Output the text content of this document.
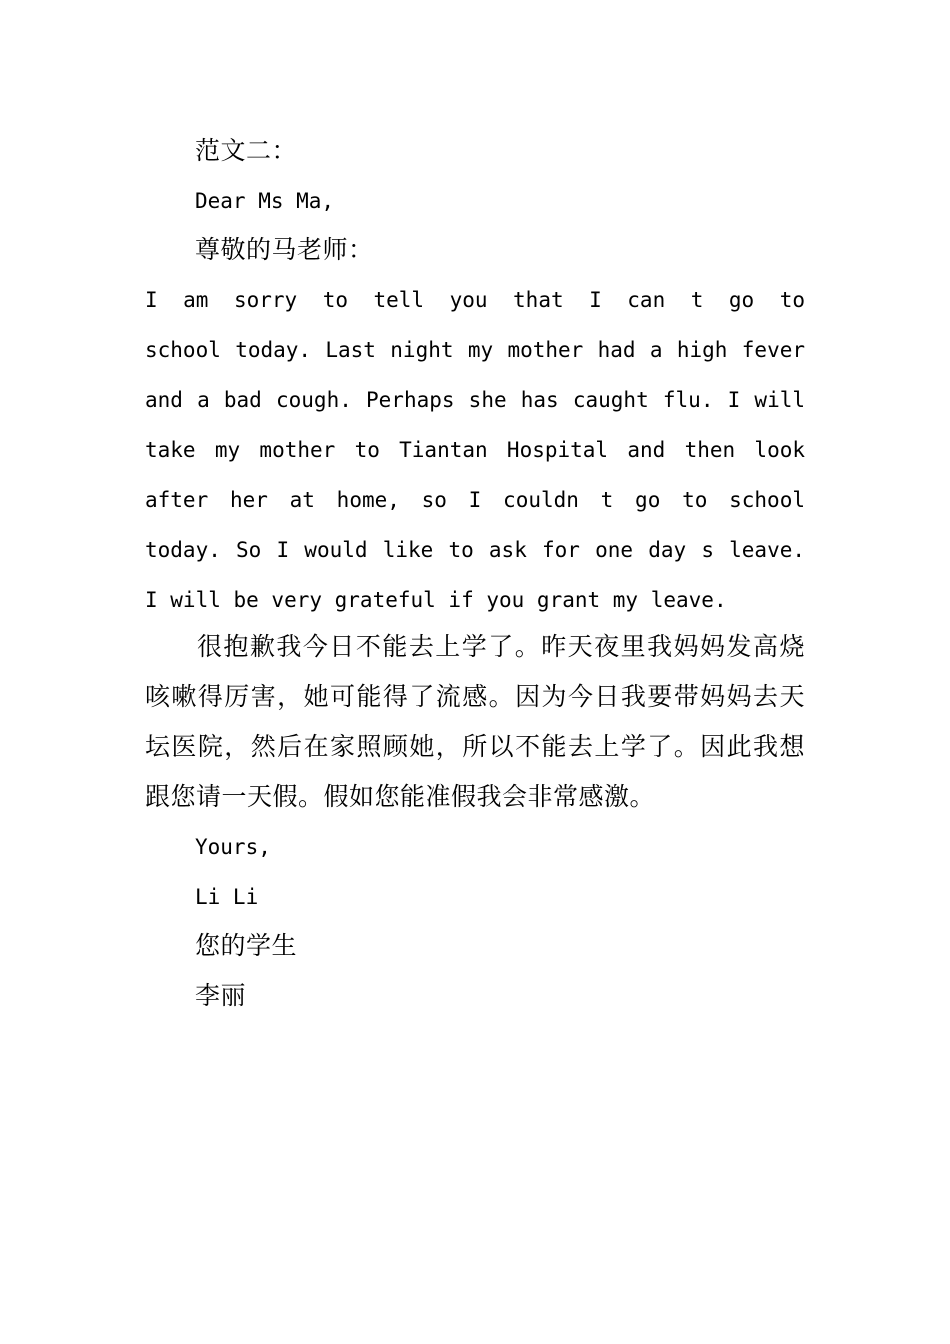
范文二：
Dear Ms Ma,
尊敬的马老师：
I am sorry to tell you that I can t go to
school today. Last night my mother had a high fever
and a bad cough. Perhaps she has caught flu. I will
take my mother to Tiantan Hospital and then look
after her at home, so I couldn t go to school
today. So I would like to ask for one day s leave.
I will be very grateful if you grant my leave.
很抱歉我今日不能去上学了。昨天夜里我妈妈发高烧
咳嗽得厉害，她可能得了流感。因为今日我要带妈妈去天
坛医院，然后在家照顾她，所以不能去上学了。因此我想
跟您请一天假。假如您能准假我会非常感激。
Yours,
Li Li
您的学生
李丽
